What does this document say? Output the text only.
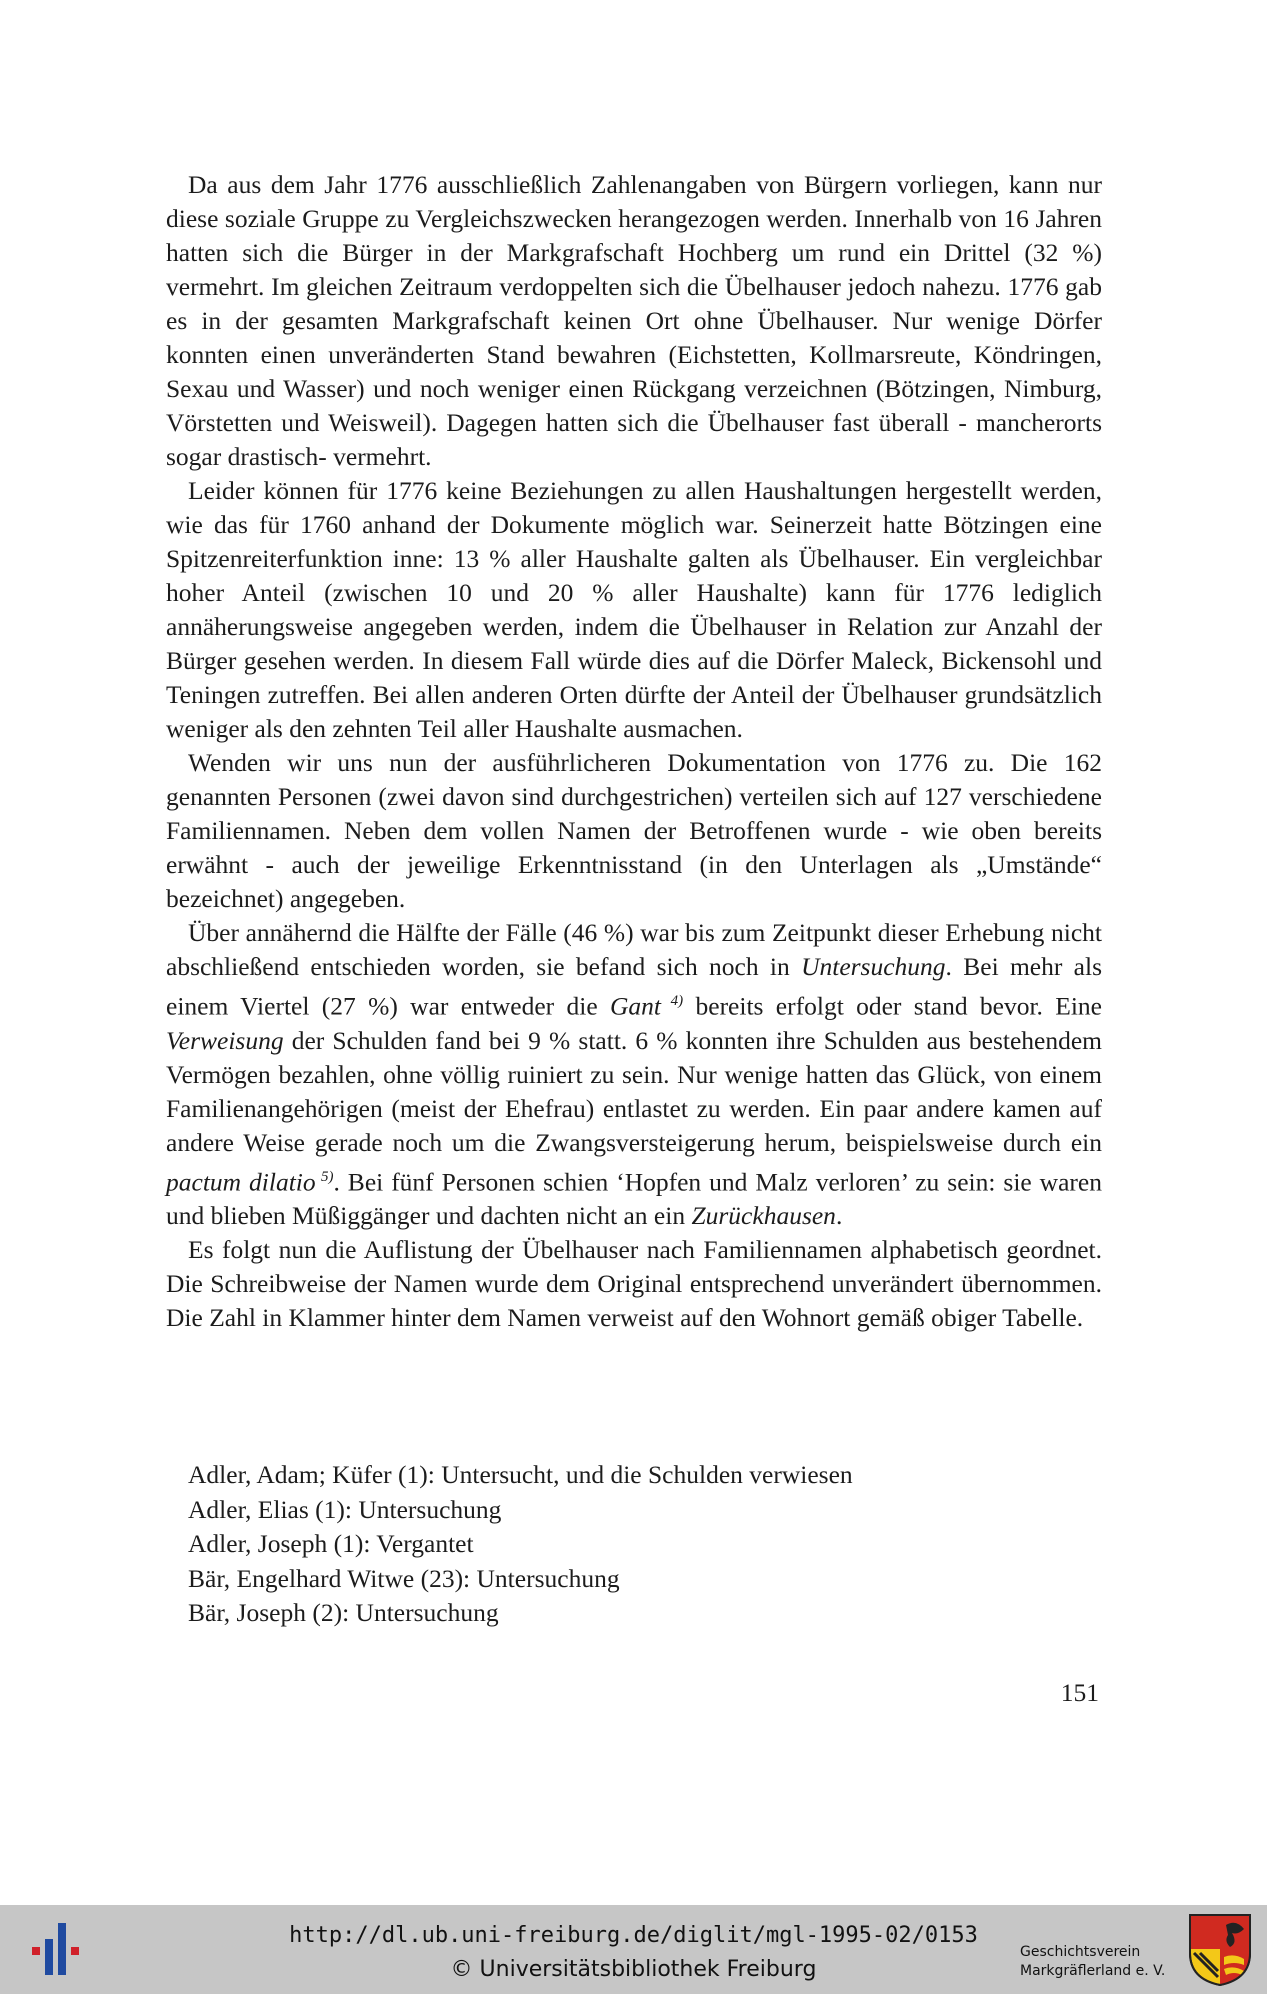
Da aus dem Jahr 1776 ausschließlich Zahlenangaben von Bürgern vorliegen, kann nur diese soziale Gruppe zu Vergleichszwecken herangezogen werden. Innerhalb von 16 Jahren hatten sich die Bürger in der Markgrafschaft Hochberg um rund ein Drittel (32 %) vermehrt. Im gleichen Zeitraum verdoppelten sich die Übelhauser jedoch nahezu. 1776 gab es in der gesamten Markgrafschaft keinen Ort ohne Übelhauser. Nur wenige Dörfer konnten einen unveränderten Stand bewahren (Eichstetten, Kollmarsreute, Köndringen, Sexau und Wasser) und noch weniger einen Rückgang verzeichnen (Bötzingen, Nimburg, Vörstetten und Weisweil). Dagegen hatten sich die Übelhauser fast überall - mancherorts sogar drastisch- vermehrt.

Leider können für 1776 keine Beziehungen zu allen Haushaltungen hergestellt werden, wie das für 1760 anhand der Dokumente möglich war. Seinerzeit hatte Bötzingen eine Spitzenreiterfunktion inne: 13 % aller Haushalte galten als Übelhauser. Ein vergleichbar hoher Anteil (zwischen 10 und 20 % aller Haushalte) kann für 1776 lediglich annäherungsweise angegeben werden, indem die Übelhauser in Relation zur Anzahl der Bürger gesehen werden. In diesem Fall würde dies auf die Dörfer Maleck, Bickensohl und Teningen zutreffen. Bei allen anderen Orten dürfte der Anteil der Übelhauser grundsätzlich weniger als den zehnten Teil aller Haushalte ausmachen.

Wenden wir uns nun der ausführlicheren Dokumentation von 1776 zu. Die 162 genannten Personen (zwei davon sind durchgestrichen) verteilen sich auf 127 verschiedene Familiennamen. Neben dem vollen Namen der Betroffenen wurde - wie oben bereits erwähnt - auch der jeweilige Erkenntnisstand (in den Unterlagen als „Umstände“ bezeichnet) angegeben.

Über annähernd die Hälfte der Fälle (46 %) war bis zum Zeitpunkt dieser Erhebung nicht abschließend entschieden worden, sie befand sich noch in Untersuchung. Bei mehr als einem Viertel (27 %) war entweder die Gant $^{4)}$ bereits erfolgt oder stand bevor. Eine Verweisung der Schulden fand bei 9 % statt. 6 % konnten ihre Schulden aus bestehendem Vermögen bezahlen, ohne völlig ruiniert zu sein. Nur wenige hatten das Glück, von einem Familienangehörigen (meist der Ehefrau) entlastet zu werden. Ein paar andere kamen auf andere Weise gerade noch um die Zwangsversteigerung herum, beispielsweise durch ein pactum dilatio $^{5)}$. Bei fünf Personen schien ‘Hopfen und Malz verloren’ zu sein: sie waren und blieben Müßiggänger und dachten nicht an ein Zurückhausen.

Es folgt nun die Auflistung der Übelhauser nach Familiennamen alphabetisch geordnet. Die Schreibweise der Namen wurde dem Original entsprechend unverändert übernommen. Die Zahl in Klammer hinter dem Namen verweist auf den Wohnort gemäß obiger Tabelle.

Adler, Adam; Küfer (1): Untersucht, und die Schulden verwiesen
Adler, Elias (1): Untersuchung
Adler, Joseph (1): Vergantet
Bär, Engelhard Witwe (23): Untersuchung
Bär, Joseph (2): Untersuchung
151
http://dl.ub.uni-freiburg.de/diglit/mgl-1995-02/0153
© Universitätsbibliothek Freiburg
Geschichtsverein
Markgräflerland e. V.
